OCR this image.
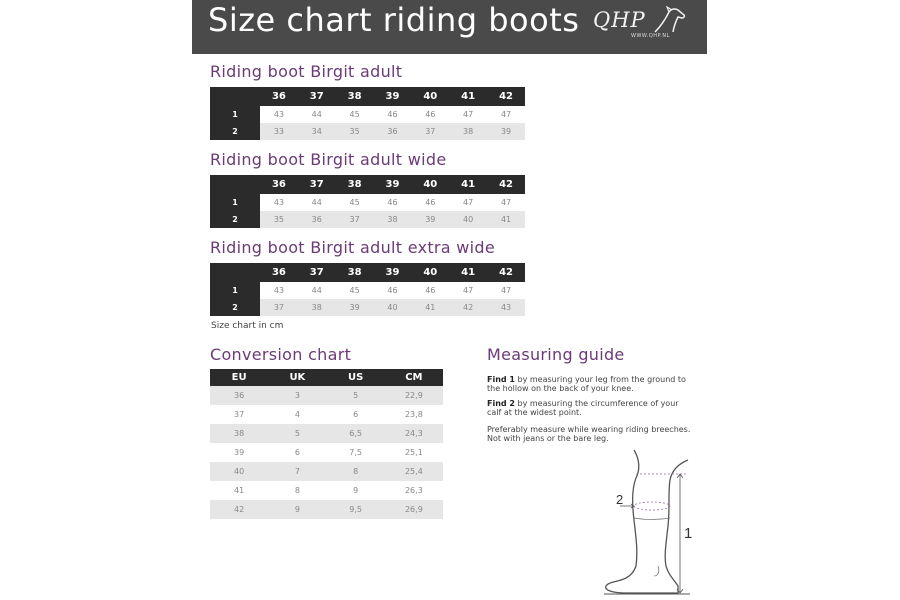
Size chart riding boots QHP
WWW.QHP.NL
Riding boot Birgit adult
	36	37	38	39	40	41	42
1	43	44	45	46	46	47	47
2	33	34	35	36	37	38	39
Riding boot Birgit adult wide
	36	37	38	39	40	41	42
1	43	44	45	46	46	47	47
2	35	36	37	38	39	40	41
Riding boot Birgit adult extra wide
	36	37	38	39	40	41	42
1	43	44	45	46	46	47	47
2	37	38	39	40	41	42	43
Size chart in cm
Conversion chart
EU	UK	US	CM
36	3	5	22,9
37	4	6	23,8
38	5	6,5	24,3
39	6	7,5	25,1
40	7	8	25,4
41	8	9	26,3
42	9	9,5	26,9
Measuring guide
Find 1 by measuring your leg from the ground to the hollow on the back of your knee.
Find 2 by measuring the circumference of your calf at the widest point.
Preferably measure while wearing riding breeches. Not with jeans or the bare leg.
2
1
